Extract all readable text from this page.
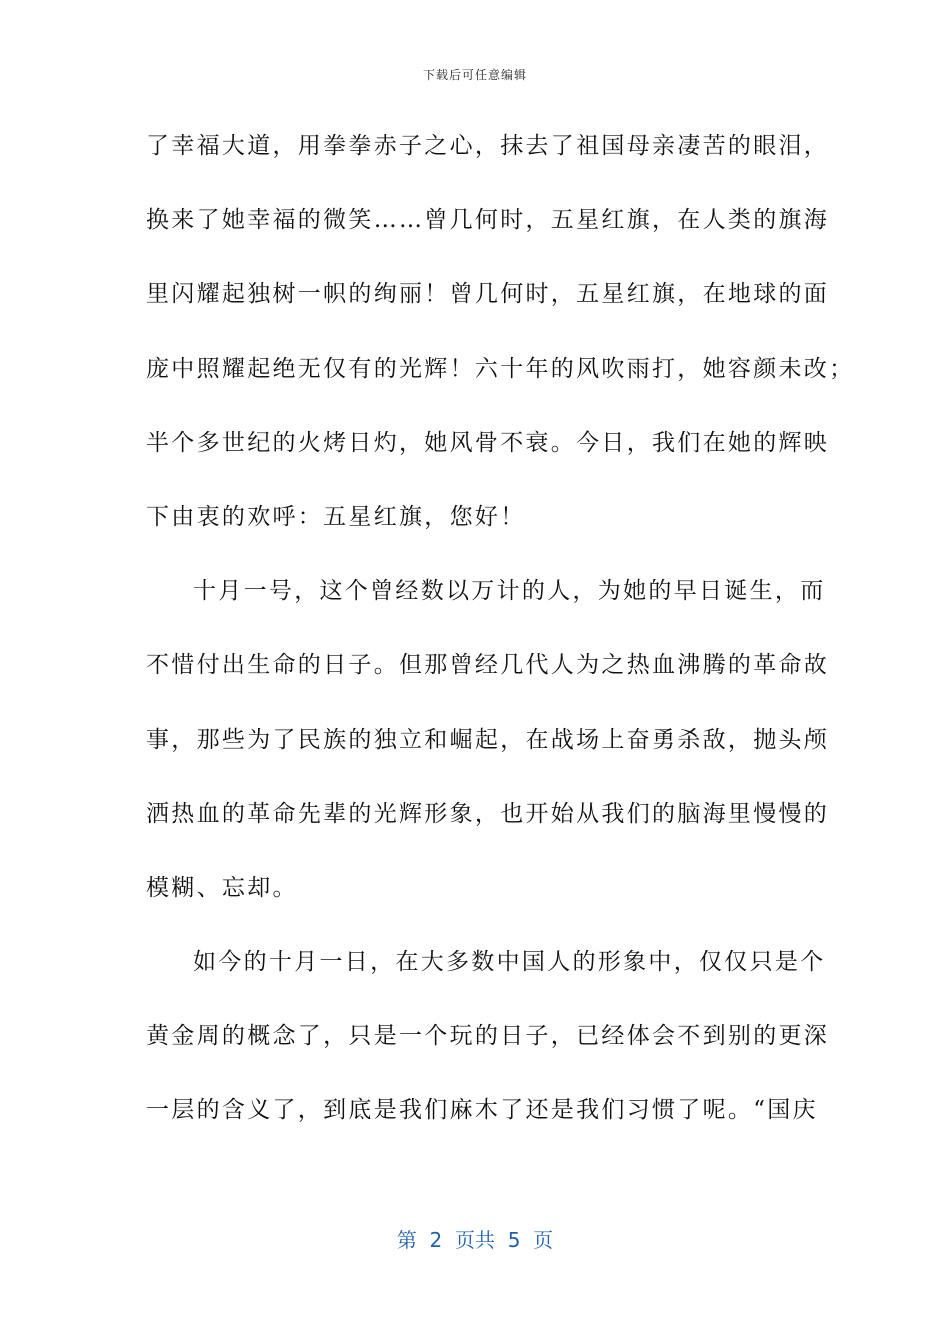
下载后可任意编辑
了幸福大道，用拳拳赤子之心，抹去了祖国母亲凄苦的眼泪，
换来了她幸福的微笑……曾几何时，五星红旗，在人类的旗海
里闪耀起独树一帜的绚丽！曾几何时，五星红旗，在地球的面
庞中照耀起绝无仅有的光辉！六十年的风吹雨打，她容颜未改；
半个多世纪的火烤日灼，她风骨不衰。今日，我们在她的辉映
下由衷的欢呼：五星红旗，您好！
十月一号，这个曾经数以万计的人，为她的早日诞生，而
不惜付出生命的日子。但那曾经几代人为之热血沸腾的革命故
事，那些为了民族的独立和崛起，在战场上奋勇杀敌，抛头颅
洒热血的革命先辈的光辉形象，也开始从我们的脑海里慢慢的
模糊、忘却。
如今的十月一日，在大多数中国人的形象中，仅仅只是个
黄金周的概念了，只是一个玩的日子，已经体会不到别的更深
一层的含义了，到底是我们麻木了还是我们习惯了呢。“国庆
第  2  页共  5  页
